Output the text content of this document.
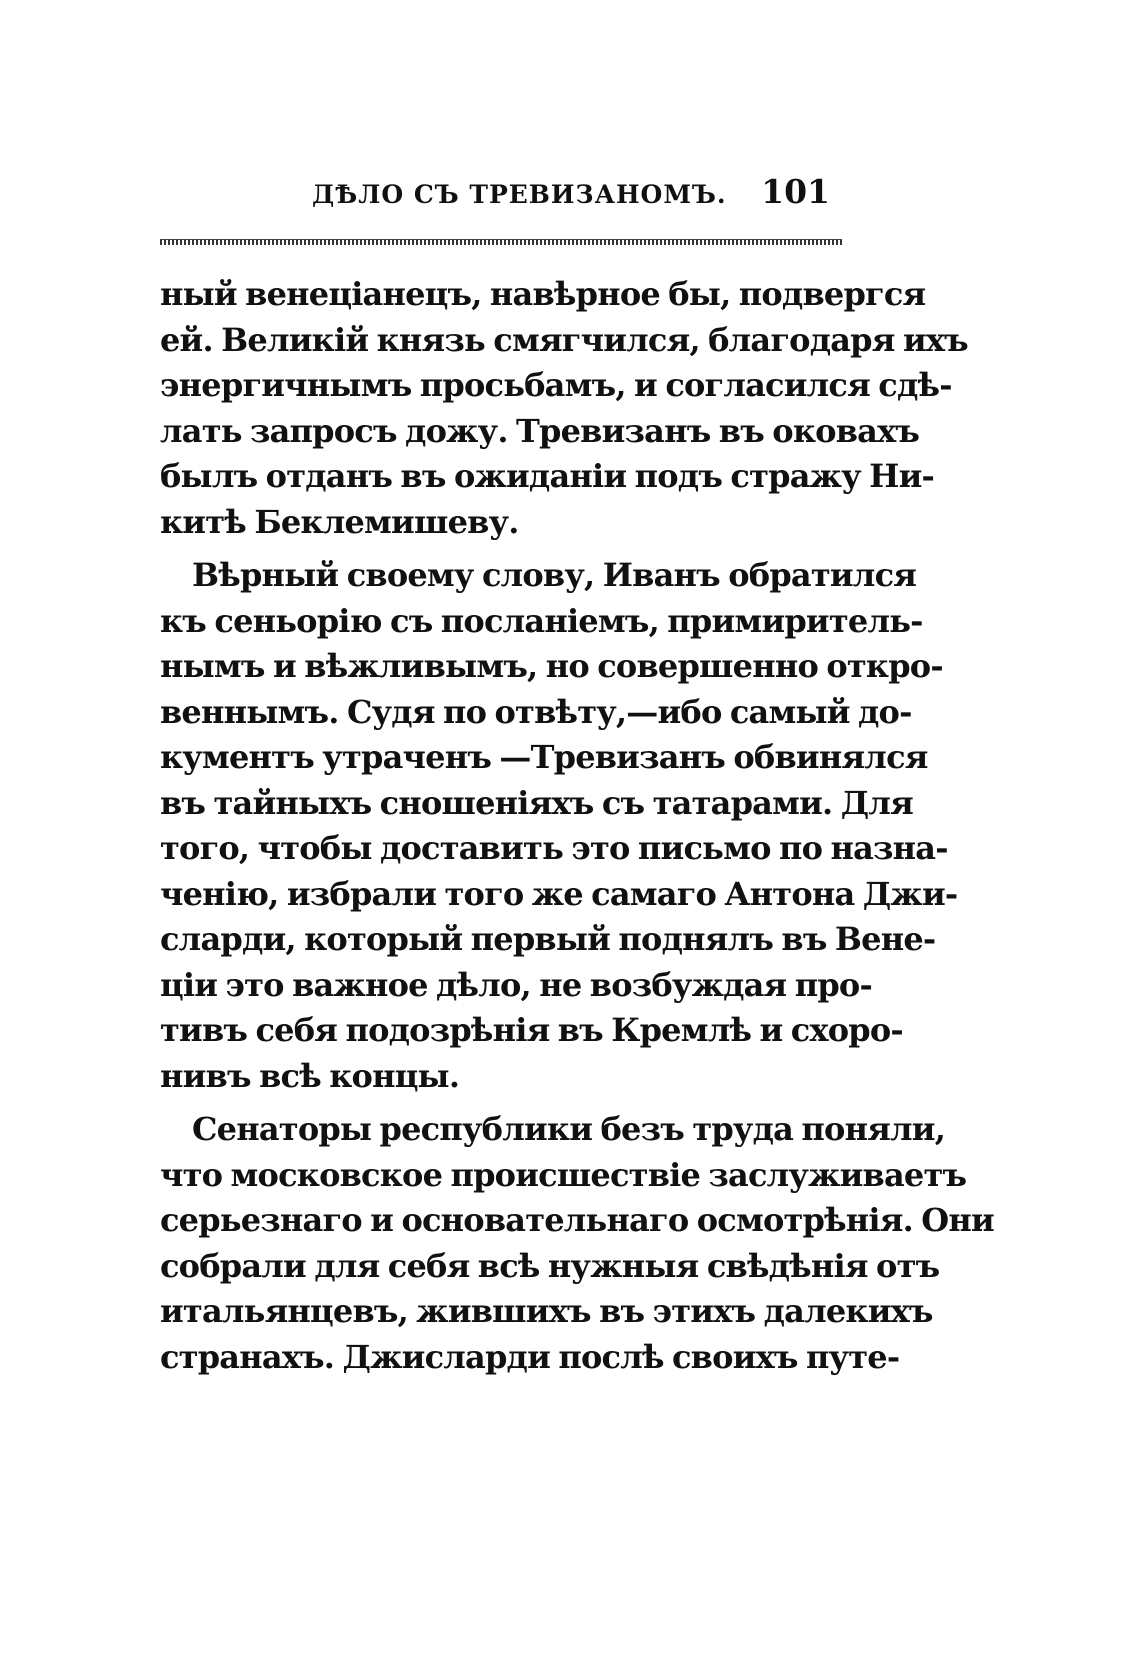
ДѢЛО СЪ ТРЕВИЗАНОМЪ. 101
ный венеціанецъ, навѣрное бы, подвергся
ей. Великій князь смягчился, благодаря ихъ
энергичнымъ просьбамъ, и согласился сдѣ-
лать запросъ дожу. Тревизанъ въ оковахъ
былъ отданъ въ ожиданіи подъ стражу Ни-
китѣ Беклемишеву.
Вѣрный своему слову, Иванъ обратился
къ сеньорію съ посланіемъ, примиритель-
нымъ и вѣжливымъ, но совершенно откро-
веннымъ. Судя по отвѣту,—ибо самый до-
кументъ утраченъ —Тревизанъ обвинялся
въ тайныхъ сношеніяхъ съ татарами. Для
того, чтобы доставить это письмо по назна-
ченію, избрали того же самаго Антона Джи-
сларди, который первый поднялъ въ Вене-
ціи это важное дѣло, не возбуждая про-
тивъ себя подозрѣнія въ Кремлѣ и схоро-
нивъ всѣ концы.
Сенаторы республики безъ труда поняли,
что московское происшествіе заслуживаетъ
серьезнаго и основательнаго осмотрѣнія. Они
собрали для себя всѣ нужныя свѣдѣнія отъ
итальянцевъ, жившихъ въ этихъ далекихъ
странахъ. Джисларди послѣ своихъ путе-
